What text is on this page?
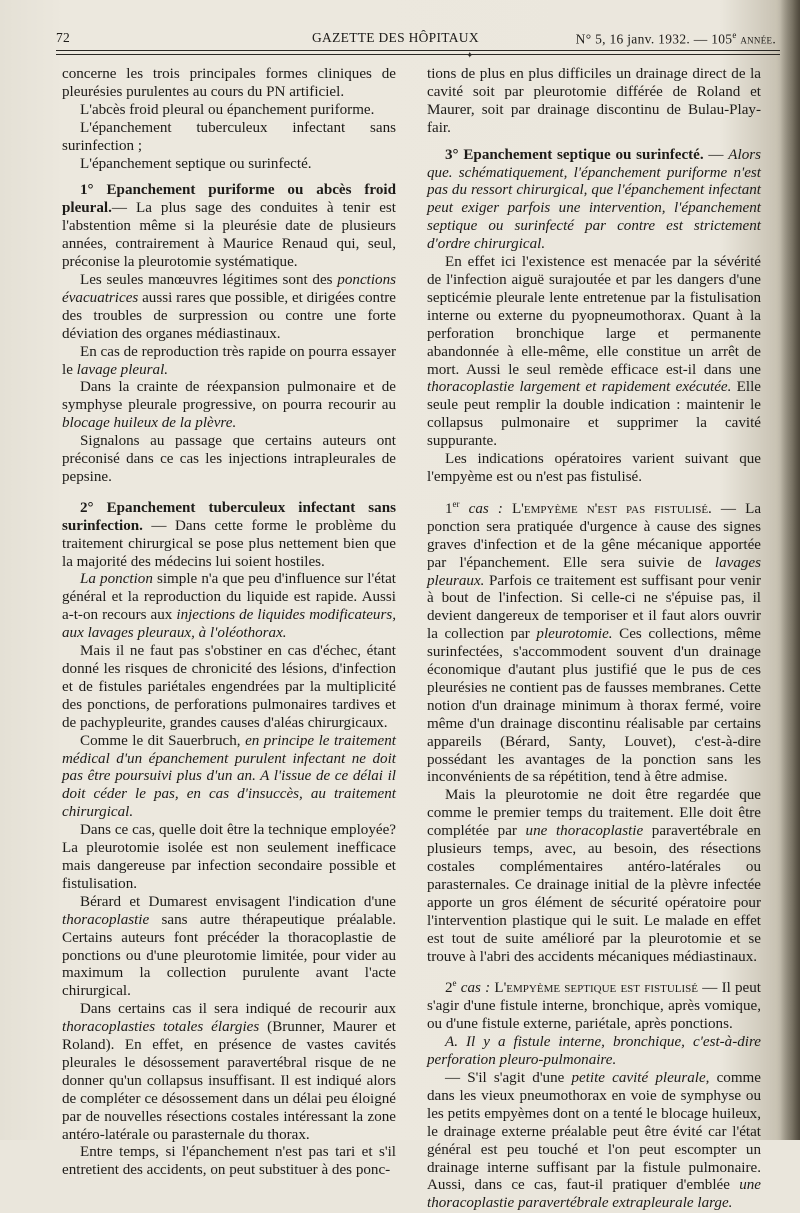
72	GAZETTE DES HÔPITAUX	N° 5, 16 janv. 1932. — 105e année.
✦

concerne les trois principales formes cliniques de pleurésies purulentes au cours du PN artificiel.

L'abcès froid pleural ou épanchement puriforme.

L'épanchement tuberculeux infectant sans surinfection ;

L'épanchement septique ou surinfecté.

1° Epanchement puriforme ou abcès froid pleural.— La plus sage des conduites à tenir est l'abstention même si la pleurésie date de plusieurs années, contrairement à Maurice Renaud qui, seul, préconise la pleurotomie systématique.

Les seules manœuvres légitimes sont des ponctions évacuatrices aussi rares que possible, et dirigées contre des troubles de surpression ou contre une forte déviation des organes médiastinaux.

En cas de reproduction très rapide on pourra essayer le lavage pleural.

Dans la crainte de réexpansion pulmonaire et de symphyse pleurale progressive, on pourra recourir au blocage huileux de la plèvre.

Signalons au passage que certains auteurs ont préconisé dans ce cas les injections intrapleurales de pepsine.

2° Epanchement tuberculeux infectant sans surinfection. — Dans cette forme le problème du traitement chirurgical se pose plus nettement bien que la majorité des médecins lui soient hostiles.

La ponction simple n'a que peu d'influence sur l'état général et la reproduction du liquide est rapide. Aussi a-t-on recours aux injections de liquides modificateurs, aux lavages pleuraux, à l'oléothorax.

Mais il ne faut pas s'obstiner en cas d'échec, étant donné les risques de chronicité des lésions, d'infection et de fistules pariétales engendrées par la multiplicité des ponctions, de perforations pulmonaires tardives et de pachypleurite, grandes causes d'aléas chirurgicaux.

Comme le dit Sauerbruch, en principe le traitement médical d'un épanchement purulent infectant ne doit pas être poursuivi plus d'un an. A l'issue de ce délai il doit céder le pas, en cas d'insuccès, au traitement chirurgical.

Dans ce cas, quelle doit être la technique employée? La pleurotomie isolée est non seulement inefficace mais dangereuse par infection secondaire possible et fistulisation.

Bérard et Dumarest envisagent l'indication d'une thoracoplastie sans autre thérapeutique préalable. Certains auteurs font précéder la thoracoplastie de ponctions ou d'une pleurotomie limitée, pour vider au maximum la collection purulente avant l'acte chirurgical.

Dans certains cas il sera indiqué de recourir aux thoracoplasties totales élargies (Brunner, Maurer et Roland). En effet, en présence de vastes cavités pleurales le désossement paravertébral risque de ne donner qu'un collapsus insuffisant. Il est indiqué alors de compléter ce désossement dans un délai peu éloigné par de nouvelles résections costales intéressant la zone antéro-latérale ou parasternale du thorax.

Entre temps, si l'épanchement n'est pas tari et s'il entretient des accidents, on peut substituer à des ponc-

tions de plus en plus difficiles un drainage direct de la cavité soit par pleurotomie différée de Roland et Maurer, soit par drainage discontinu de Bulau-Play-fair.

3° Epanchement septique ou surinfecté. — Alors que. schématiquement, l'épanchement puriforme n'est pas du ressort chirurgical, que l'épanchement infectant peut exiger parfois une intervention, l'épanchement septique ou surinfecté par contre est strictement d'ordre chirurgical.

En effet ici l'existence est menacée par la sévérité de l'infection aiguë surajoutée et par les dangers d'une septicémie pleurale lente entretenue par la fistulisation interne ou externe du pyopneumothorax. Quant à la perforation bronchique large et permanente abandonnée à elle-même, elle constitue un arrêt de mort. Aussi le seul remède efficace est-il dans une thoracoplastie largement et rapidement exécutée. Elle seule peut remplir la double indication : maintenir le collapsus pulmonaire et supprimer la cavité suppurante.

Les indications opératoires varient suivant que l'empyème est ou n'est pas fistulisé.

1er cas : L'empyème n'est pas fistulisé. — La ponction sera pratiquée d'urgence à cause des signes graves d'infection et de la gêne mécanique apportée par l'épanchement. Elle sera suivie de lavages pleuraux. Parfois ce traitement est suffisant pour venir à bout de l'infection. Si celle-ci ne s'épuise pas, il devient dangereux de temporiser et il faut alors ouvrir la collection par pleurotomie. Ces collections, même surinfectées, s'accommodent souvent d'un drainage économique d'autant plus justifié que le pus de ces pleurésies ne contient pas de fausses membranes. Cette notion d'un drainage minimum à thorax fermé, voire même d'un drainage discontinu réalisable par certains appareils (Bérard, Santy, Louvet), c'est-à-dire possédant les avantages de la ponction sans les inconvénients de sa répétition, tend à être admise.

Mais la pleurotomie ne doit être regardée que comme le premier temps du traitement. Elle doit être complétée par une thoracoplastie paravertébrale en plusieurs temps, avec, au besoin, des résections costales complémentaires antéro-latérales ou parasternales. Ce drainage initial de la plèvre infectée apporte un gros élément de sécurité opératoire pour l'intervention plastique qui le suit. Le malade en effet est tout de suite amélioré par la pleurotomie et se trouve à l'abri des accidents mécaniques médiastinaux.

2e cas : L'empyème septique est fistulisé — Il peut s'agir d'une fistule interne, bronchique, après vomique, ou d'une fistule externe, pariétale, après ponctions.

A. Il y a fistule interne, bronchique, c'est-à-dire perforation pleuro-pulmonaire.

— S'il s'agit d'une petite cavité pleurale, comme dans les vieux pneumothorax en voie de symphyse ou les petits empyèmes dont on a tenté le blocage huileux, le drainage externe préalable peut être évité car l'état général est peu touché et l'on peut escompter un drainage interne suffisant par la fistule pulmonaire. Aussi, dans ce cas, faut-il pratiquer d'emblée une thoracoplastie paravertébrale extrapleurale large.
